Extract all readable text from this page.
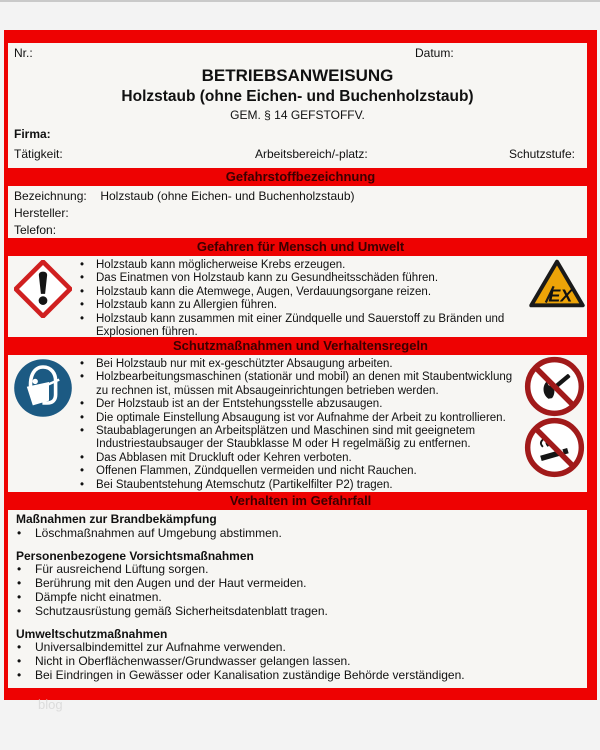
Nr.:	Datum:
BETRIEBSANWEISUNG
Holzstaub (ohne Eichen- und Buchenholzstaub)
GEM. § 14 GEFSTOFFV.
Firma:
Tätigkeit:	Arbeitsbereich/-platz:	Schutzstufe:
Gefahrstoffbezeichnung
Bezeichnung: Holzstaub (ohne Eichen- und Buchenholzstaub)
Hersteller:
Telefon:
Gefahren für Mensch und Umwelt
EX
• Holzstaub kann möglicherweise Krebs erzeugen.
• Das Einatmen von Holzstaub kann zu Gesundheitsschäden führen.
• Holzstaub kann die Atemwege, Augen, Verdauungsorgane reizen.
• Holzstaub kann zu Allergien führen.
• Holzstaub kann zusammen mit einer Zündquelle und Sauerstoff zu Bränden und Explosionen führen.
Schutzmaßnahmen und Verhaltensregeln
• Bei Holzstaub nur mit ex-geschützter Absaugung arbeiten.
• Holzbearbeitungsmaschinen (stationär und mobil) an denen mit Staubentwicklung zu rechnen ist, müssen mit Absaugeinrichtungen betrieben werden.
• Der Holzstaub ist an der Entstehungsstelle abzusaugen.
• Die optimale Einstellung Absaugung ist vor Aufnahme der Arbeit zu kontrollieren.
• Staubablagerungen an Arbeitsplätzen und Maschinen sind mit geeignetem Industriestaubsauger der Staubklasse M oder H regelmäßig zu entfernen.
• Das Abblasen mit Druckluft oder Kehren verboten.
• Offenen Flammen, Zündquellen vermeiden und nicht Rauchen.
• Bei Staubentstehung Atemschutz (Partikelfilter P2) tragen.
Verhalten im Gefahrfall
Maßnahmen zur Brandbekämpfung
• Löschmaßnahmen auf Umgebung abstimmen.
Personenbezogene Vorsichtsmaßnahmen
• Für ausreichend Lüftung sorgen.
• Berührung mit den Augen und der Haut vermeiden.
• Dämpfe nicht einatmen.
• Schutzausrüstung gemäß Sicherheitsdatenblatt tragen.
Umweltschutzmaßnahmen
• Universalbindemittel zur Aufnahme verwenden.
• Nicht in Oberflächenwasser/Grundwasser gelangen lassen.
• Bei Eindringen in Gewässer oder Kanalisation zuständige Behörde verständigen.
blog
